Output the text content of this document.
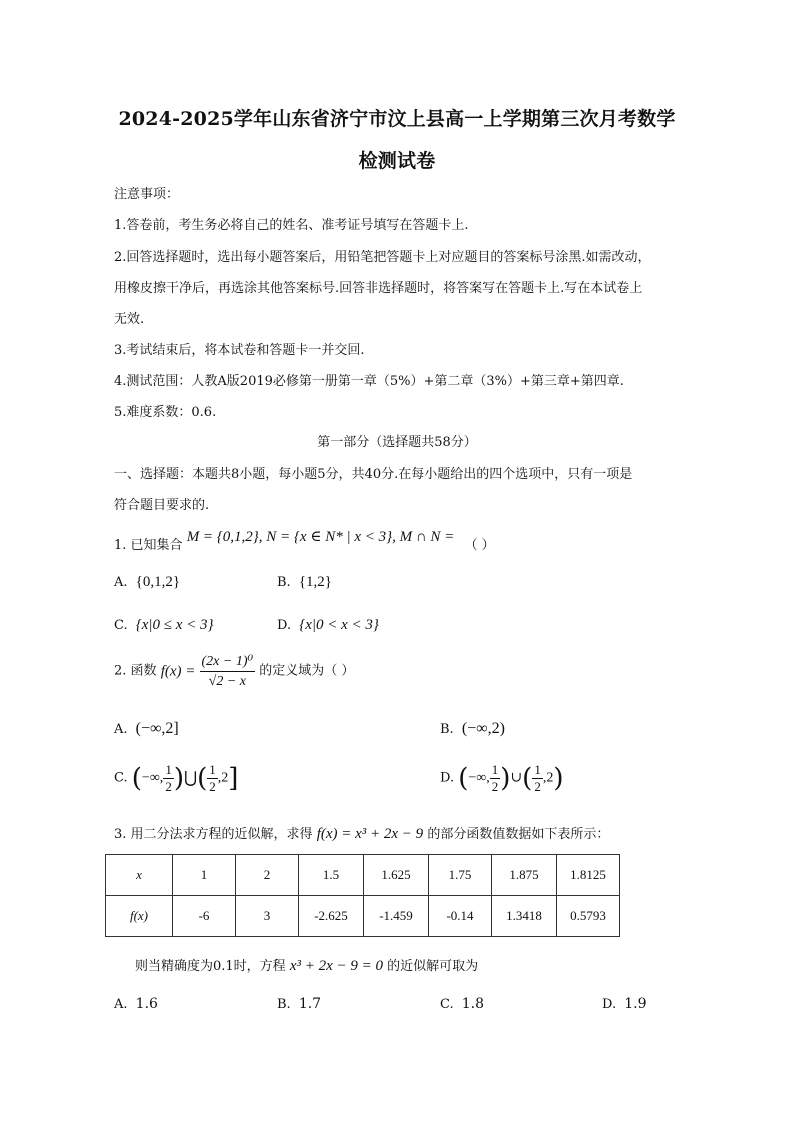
2024-2025学年山东省济宁市汶上县高一上学期第三次月考数学
检测试卷
注意事项：
1.答卷前，考生务必将自己的姓名、准考证号填写在答题卡上.
2.回答选择题时，选出每小题答案后，用铅笔把答题卡上对应题目的答案标号涂黑.如需改动，
用橡皮擦干净后，再选涂其他答案标号.回答非选择题时，将答案写在答题卡上.写在本试卷上
无效.
3.考试结束后，将本试卷和答题卡一并交回.
4.测试范围：人教A版2019必修第一册第一章（5%）+第二章（3%）+第三章+第四章.
5.难度系数：0.6.
第一部分（选择题共58分）
一、选择题：本题共8小题，每小题5分，共40分.在每小题给出的四个选项中，只有一项是
符合题目要求的.
1. 已知集合 M = {0,1,2}, N = {x ∈ N* | x < 3}, M ∩ N = （ ）
A. {0,1,2}	B. {1,2}
C. {x|0 ≤ x < 3}	D. {x|0 < x < 3}
2. 函数 $f(x) = \frac{\text{(2x − 1)⁰}}{√2 - x}$ 的定义域为（ ）
A. (−∞,2]	B. (−∞,2)
C. (−∞, $\frac{1}{2}$ )⋃( $\frac{1}{2} ,2$]	D. (−∞, $\frac{1}{2}$ )∪( $\frac{1}{2} ,2$)
3. 用二分法求方程的近似解，求得 f(x) = x³ + 2x − 9 的部分函数值数据如下表所示：
x	1	2	1.5	1.625	1.75	1.875	1.8125
f(x)	-6	3	-2.625	-1.459	-0.14	1.3418	0.5793
则当精确度为0.1时，方程 x³ + 2x − 9 = 0 的近似解可取为
A. 1.6	B. 1.7	C. 1.8	D. 1.9
